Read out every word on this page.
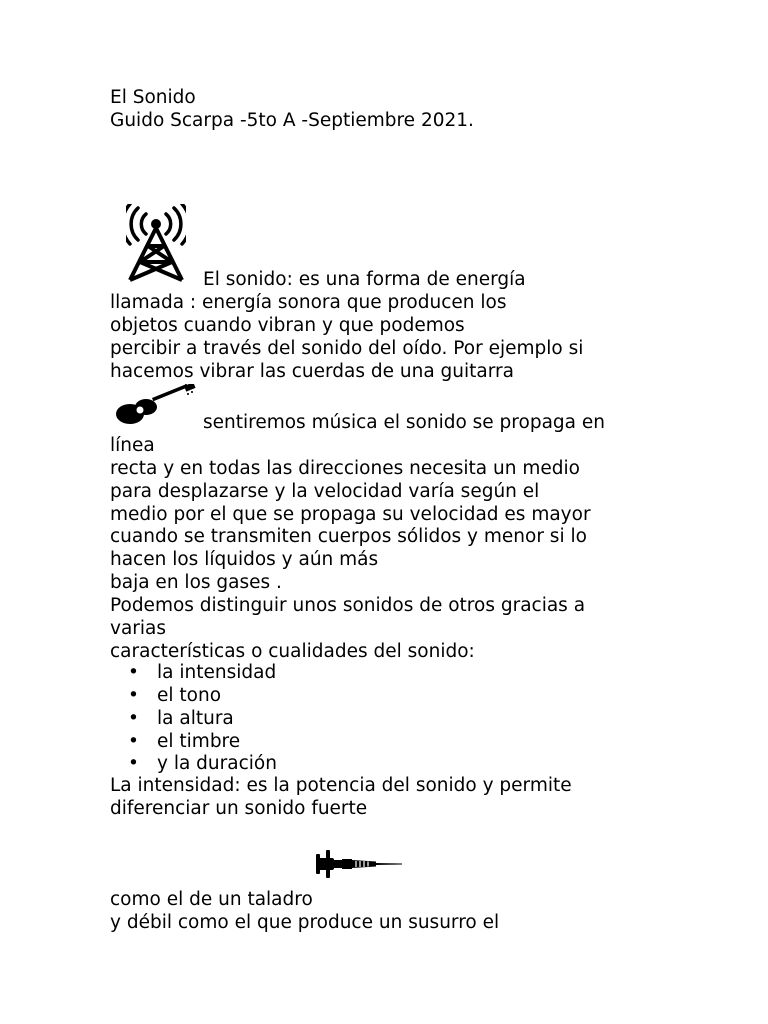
El Sonido

Guido Scarpa -5to A -Septiembre 2021.

El sonido: es una forma de energía

llamada : energía sonora que producen los

objetos cuando vibran y que podemos

percibir a través del sonido del oído. Por ejemplo si

hacemos vibrar las cuerdas de una guitarra

sentiremos música el sonido se propaga en

línea

recta y en todas las direcciones necesita un medio

para desplazarse y la velocidad varía según el

medio por el que se propaga su velocidad es mayor

cuando se transmiten cuerpos sólidos y menor si lo

hacen los líquidos y aún más

baja en los gases .

Podemos distinguir unos sonidos de otros gracias a

varias

características o cualidades del sonido:

• la intensidad

• el tono

• la altura

• el timbre

• y la duración

La intensidad: es la potencia del sonido y permite

diferenciar un sonido fuerte

como el de un taladro

y débil como el que produce un susurro el
